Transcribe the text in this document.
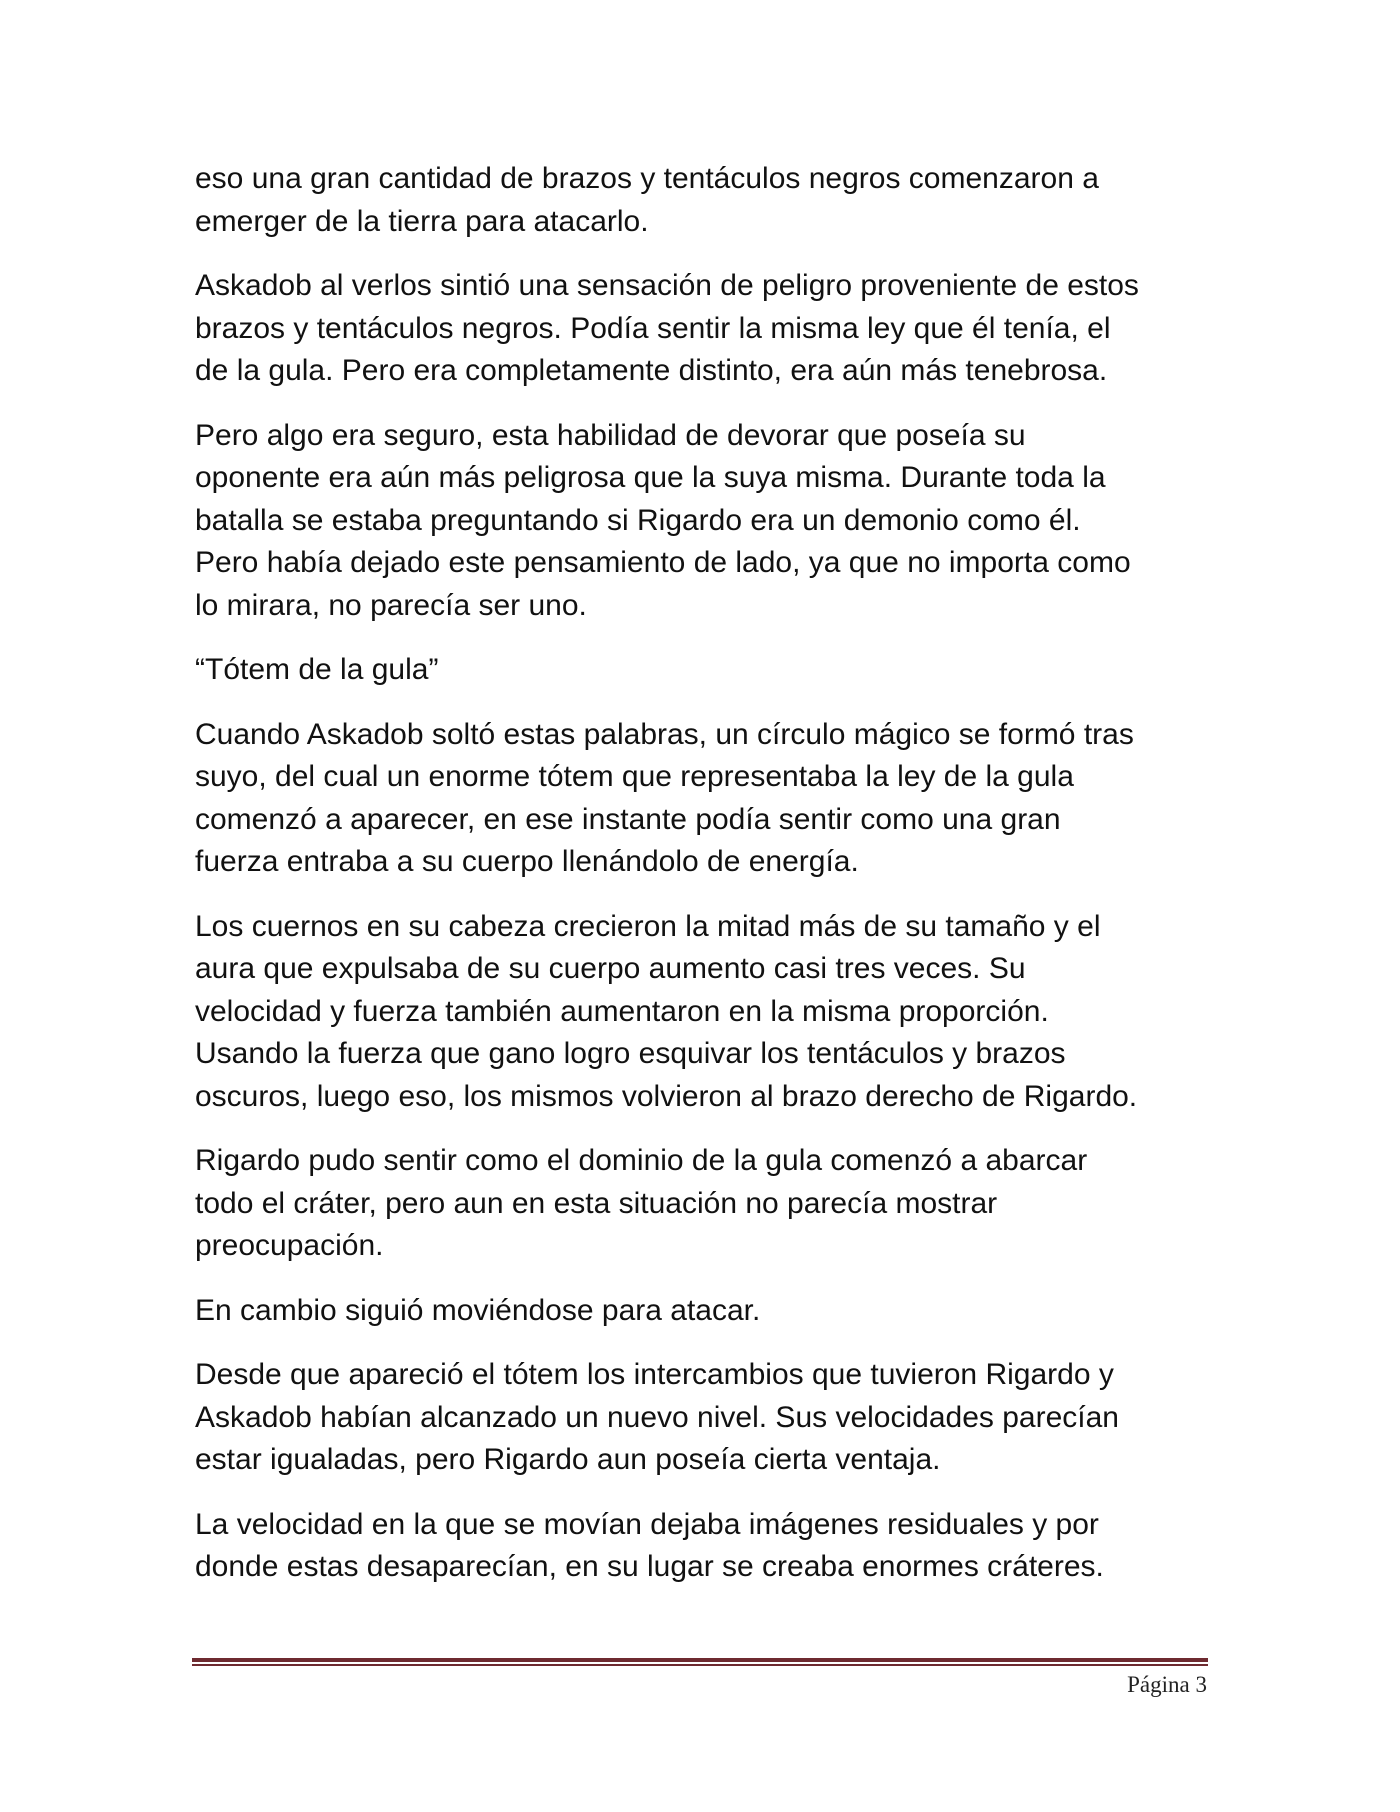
eso una gran cantidad de brazos y tentáculos negros comenzaron a
emerger de la tierra para atacarlo.

Askadob al verlos sintió una sensación de peligro proveniente de estos
brazos y tentáculos negros. Podía sentir la misma ley que él tenía, el
de la gula. Pero era completamente distinto, era aún más tenebrosa.

Pero algo era seguro, esta habilidad de devorar que poseía su
oponente era aún más peligrosa que la suya misma. Durante toda la
batalla se estaba preguntando si Rigardo era un demonio como él.
Pero había dejado este pensamiento de lado, ya que no importa como
lo mirara, no parecía ser uno.

“Tótem de la gula”

Cuando Askadob soltó estas palabras, un círculo mágico se formó tras
suyo, del cual un enorme tótem que representaba la ley de la gula
comenzó a aparecer, en ese instante podía sentir como una gran
fuerza entraba a su cuerpo llenándolo de energía.

Los cuernos en su cabeza crecieron la mitad más de su tamaño y el
aura que expulsaba de su cuerpo aumento casi tres veces. Su
velocidad y fuerza también aumentaron en la misma proporción.
Usando la fuerza que gano logro esquivar los tentáculos y brazos
oscuros, luego eso, los mismos volvieron al brazo derecho de Rigardo.

Rigardo pudo sentir como el dominio de la gula comenzó a abarcar
todo el cráter, pero aun en esta situación no parecía mostrar
preocupación.

En cambio siguió moviéndose para atacar.

Desde que apareció el tótem los intercambios que tuvieron Rigardo y
Askadob habían alcanzado un nuevo nivel. Sus velocidades parecían
estar igualadas, pero Rigardo aun poseía cierta ventaja.

La velocidad en la que se movían dejaba imágenes residuales y por
donde estas desaparecían, en su lugar se creaba enormes cráteres.

Página 3
